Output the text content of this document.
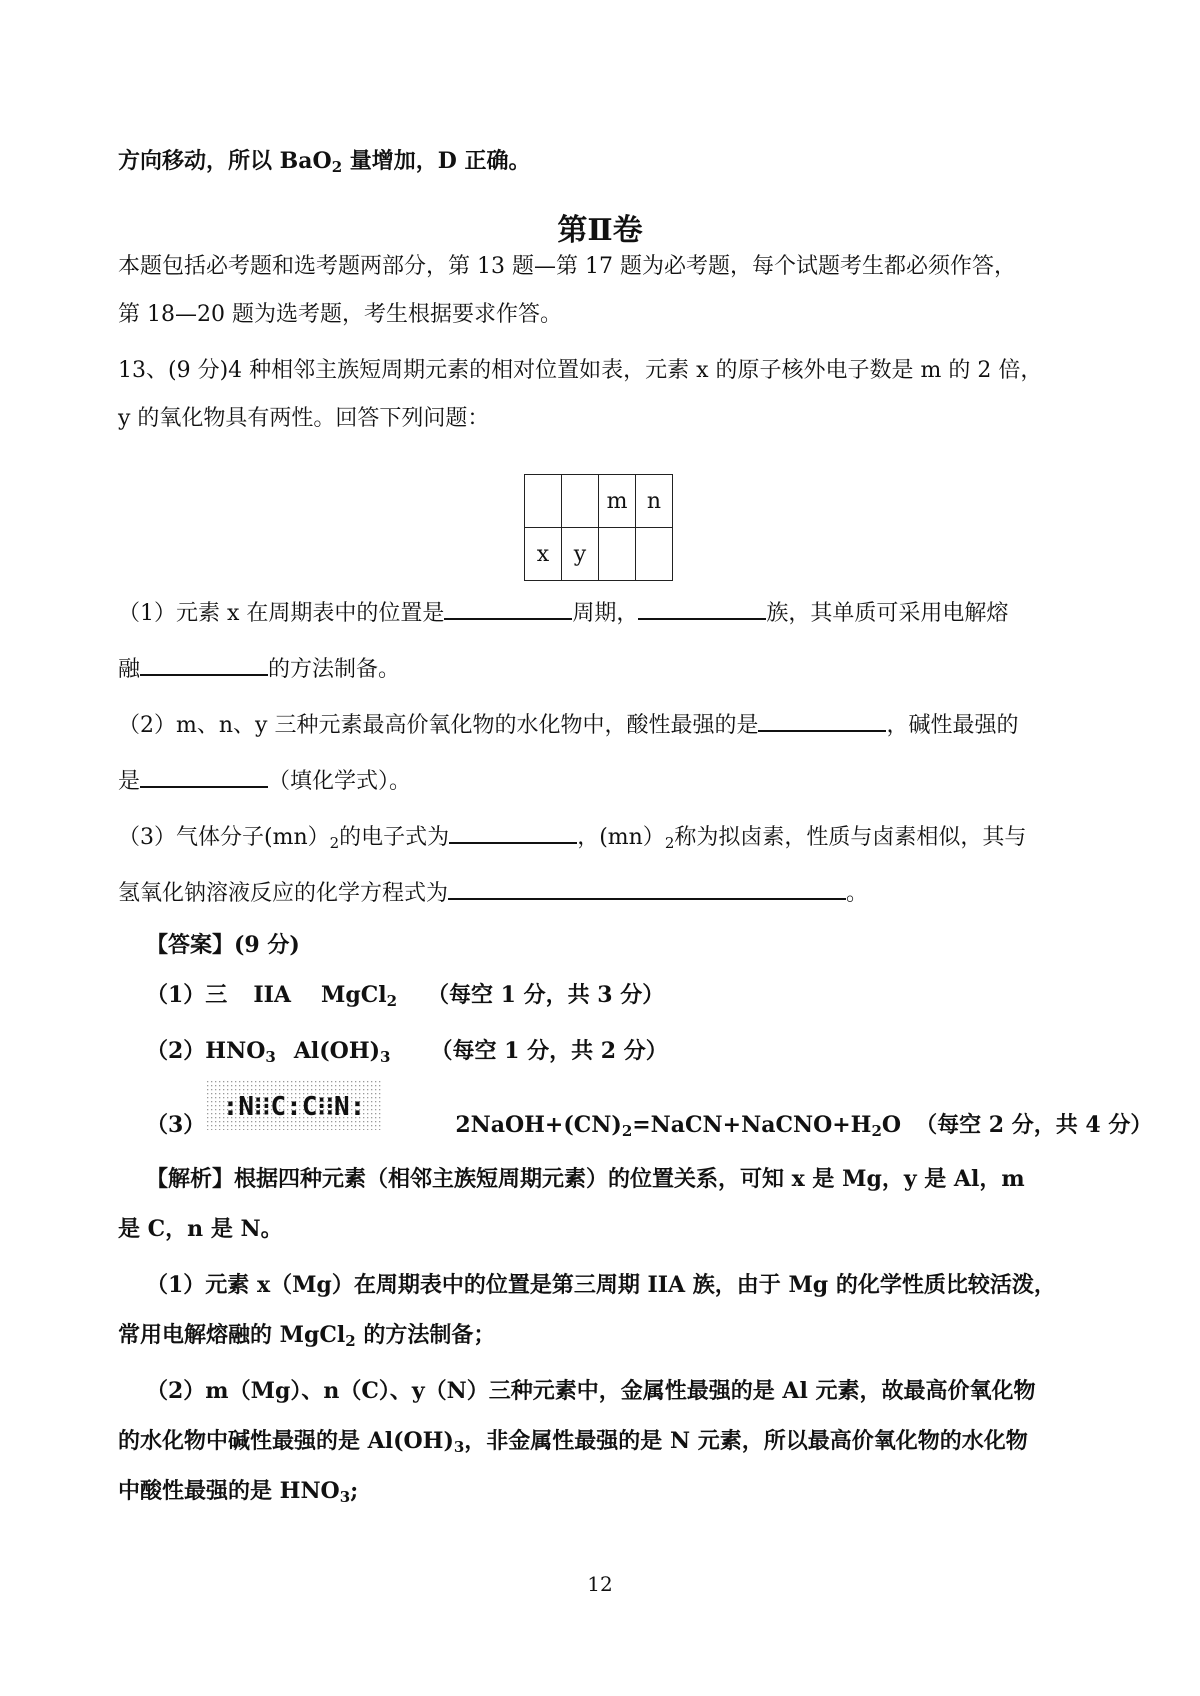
方向移动，所以 BaO$_2$ 量增加，D 正确。
第Ⅱ卷
本题包括必考题和选考题两部分，第 13 题—第 17 题为必考题，每个试题考生都必须作答，
第 18—20 题为选考题，考生根据要求作答。
13、(9 分)4 种相邻主族短周期元素的相对位置如表，元素 x 的原子核外电子数是 m 的 2 倍，
y 的氧化物具有两性。回答下列问题：
		m	n
x	y		
（1）元素 x 在周期表中的位置是	周期，	族，其单质可采用电解熔
融	的方法制备。
（2）m、n、y 三种元素最高价氧化物的水化物中，酸性最强的是	，碱性最强的
是	（填化学式）。
（3）气体分子$(mn)_2$的电子式为	，$(mn)_2$称为拟卤素，性质与卤素相似，其与
氢氧化钠溶液反应的化学方程式为	。
【答案】(9 分)
（1）三 IIA MgCl$_2$ （每空 1 分，共 3 分）
$(2)HNO_3$ $Al(OH)_3$ （每空 1 分，共 2 分）
（3）	$2NaOH+(CN)_2=NaCN+NaCNO+H_2O$ （每空 2 分，共 4 分）
:N⁝⁝C:C⁝⁝N:
【解析】根据四种元素（相邻主族短周期元素）的位置关系，可知 x 是 Mg，y 是 Al，m
是 C，n 是 N。
（1）元素 x（Mg）在周期表中的位置是第三周期 IIA 族，由于 Mg 的化学性质比较活泼，
常用电解熔融的 MgCl$_2$ 的方法制备；
（2）m（Mg）、n（C）、y（N）三种元素中，金属性最强的是 Al 元素，故最高价氧化物
的水化物中碱性最强的是 $Al(OH)_3$，非金属性最强的是 N 元素，所以最高价氧化物的水化物
中酸性最强的是 $HNO_3$;
12
